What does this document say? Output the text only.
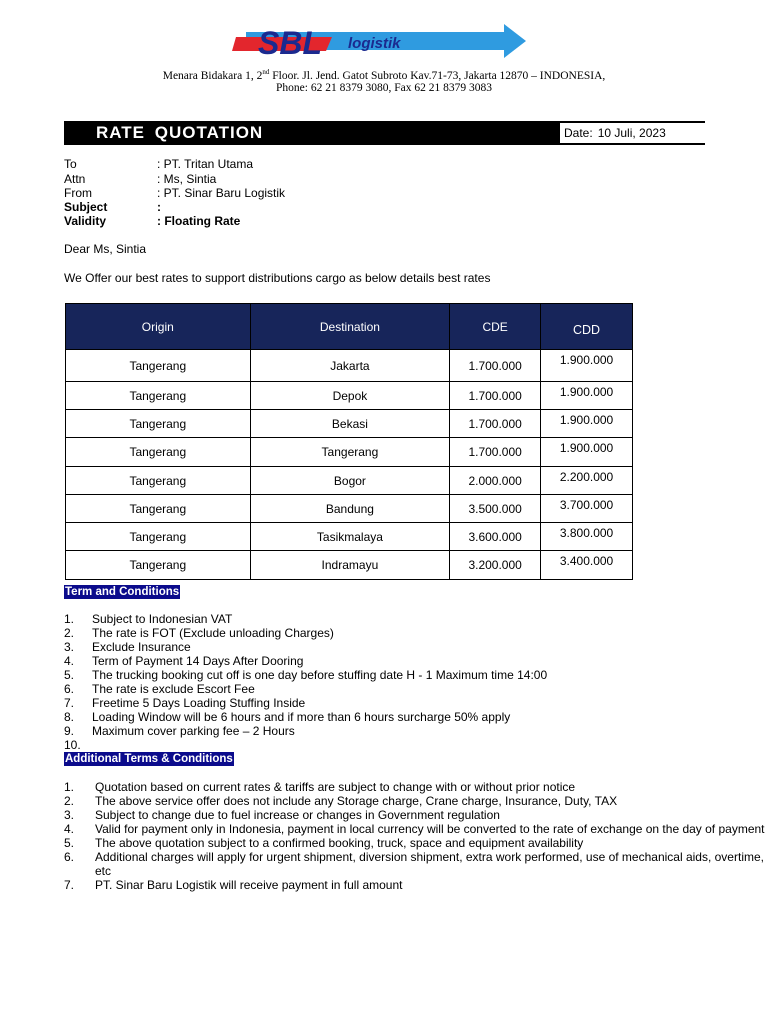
SBL logistik
Menara Bidakara 1, 2nd Floor. Jl. Jend. Gatot Subroto Kav.71-73, Jakarta 12870 – INDONESIA,
Phone: 62 21 8379 3080, Fax 62 21 8379 3083
RATE QUOTATION	Date: 10 Juli, 2023
To	: PT. Tritan Utama
Attn	: Ms, Sintia
From	: PT. Sinar Baru Logistik
Subject	:
Validity	: Floating Rate
Dear Ms, Sintia
We Offer our best rates to support distributions cargo as below details best rates
Origin	Destination	CDE	CDD
Tangerang	Jakarta	1.700.000	1.900.000
Tangerang	Depok	1.700.000	1.900.000
Tangerang	Bekasi	1.700.000	1.900.000
Tangerang	Tangerang	1.700.000	1.900.000
Tangerang	Bogor	2.000.000	2.200.000
Tangerang	Bandung	3.500.000	3.700.000
Tangerang	Tasikmalaya	3.600.000	3.800.000
Tangerang	Indramayu	3.200.000	3.400.000
Term and Conditions
1.	Subject to Indonesian VAT
2.	The rate is FOT (Exclude unloading Charges)
3.	Exclude Insurance
4.	Term of Payment 14 Days After Dooring
5.	The trucking booking cut off is one day before stuffing date H - 1 Maximum time 14:00
6.	The rate is exclude Escort Fee
7.	Freetime 5 Days Loading Stuffing Inside
8.	Loading Window will be 6 hours and if more than 6 hours surcharge 50% apply
9.	Maximum cover parking fee – 2 Hours
10.
Additional Terms & Conditions
1.	Quotation based on current rates & tariffs are subject to change with or without prior notice
2.	The above service offer does not include any Storage charge, Crane charge, Insurance, Duty, TAX
3.	Subject to change due to fuel increase or changes in Government regulation
4.	Valid for payment only in Indonesia, payment in local currency will be converted to the rate of exchange on the day of payment
5.	The above quotation subject to a confirmed booking, truck, space and equipment availability
6.	Additional charges will apply for urgent shipment, diversion shipment, extra work performed, use of mechanical aids, overtime, etc
7.	PT. Sinar Baru Logistik will receive payment in full amount
